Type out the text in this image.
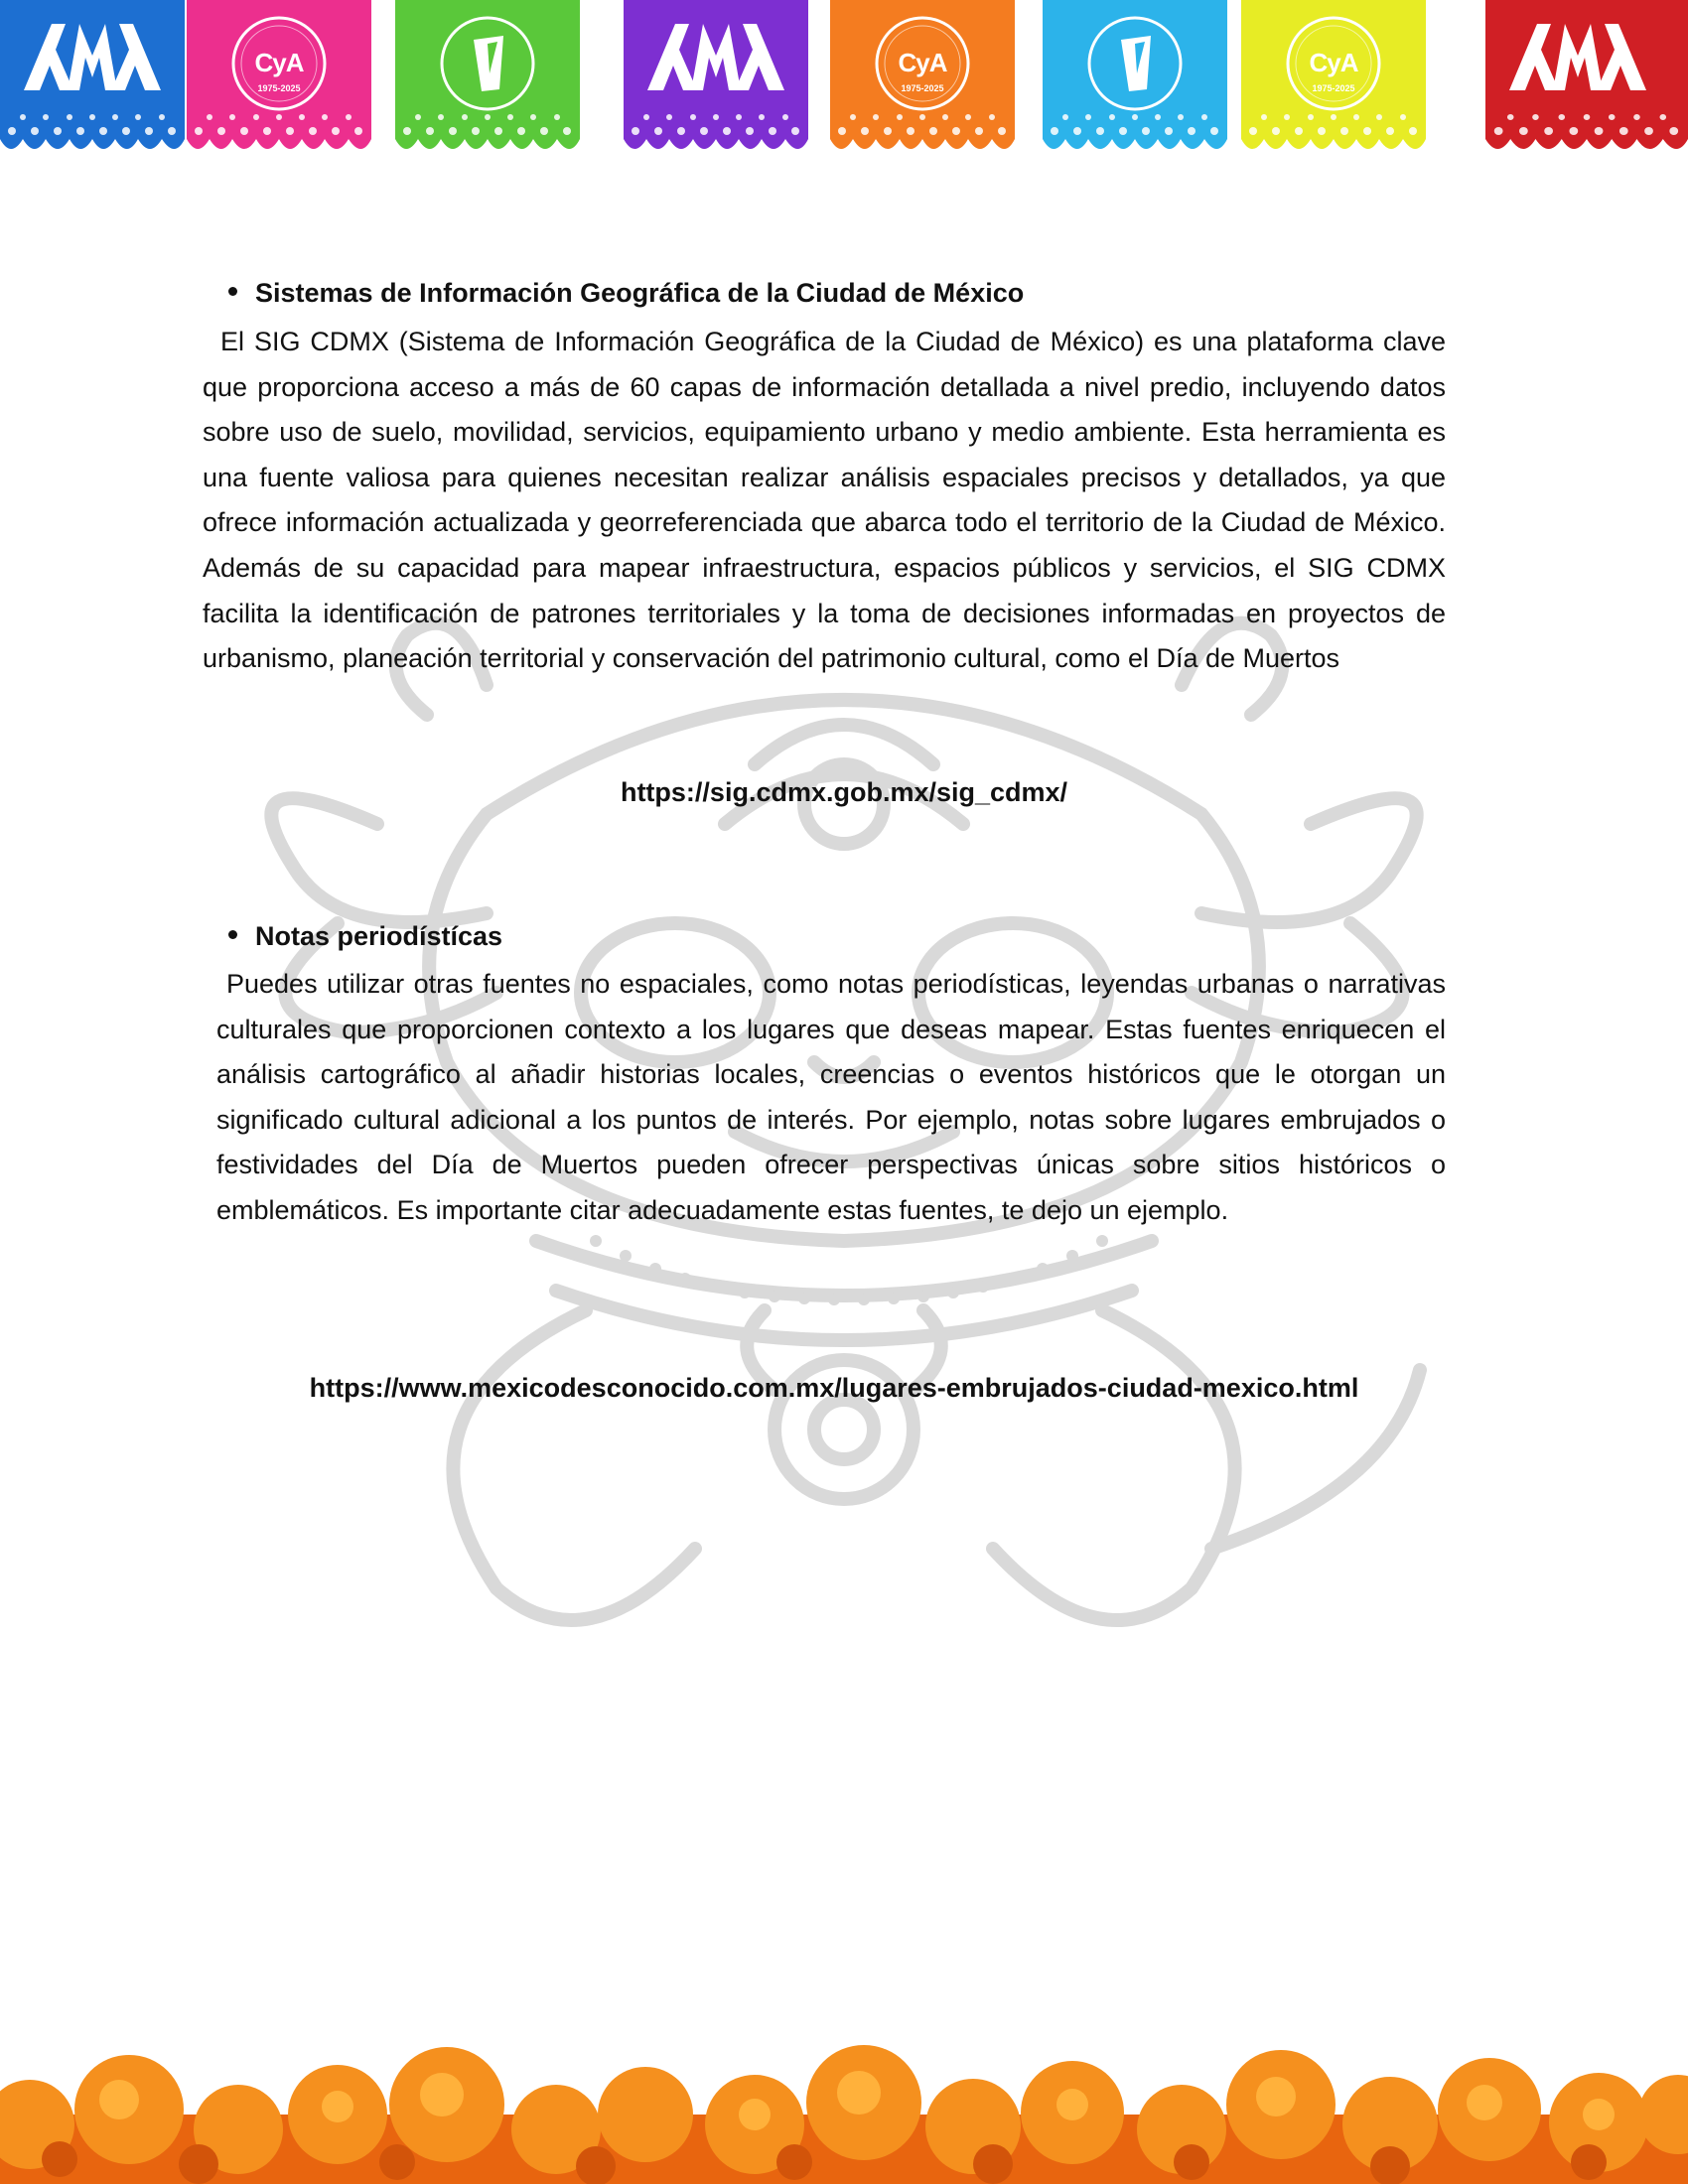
CyA
1975-2025
CyA
1975-2025
CyA
1975-2025
Sistemas de Información Geográfica de la Ciudad de México
El SIG CDMX (Sistema de Información Geográfica de la Ciudad de México) es una plataforma clave que proporciona acceso a más de 60 capas de información detallada a nivel predio, incluyendo datos sobre uso de suelo, movilidad, servicios, equipamiento urbano y medio ambiente. Esta herramienta es una fuente valiosa para quienes necesitan realizar análisis espaciales precisos y detallados, ya que ofrece información actualizada y georreferenciada que abarca todo el territorio de la Ciudad de México. Además de su capacidad para mapear infraestructura, espacios públicos y servicios, el SIG CDMX facilita la identificación de patrones territoriales y la toma de decisiones informadas en proyectos de urbanismo, planeación territorial y conservación del patrimonio cultural, como el Día de Muertos
https://sig.cdmx.gob.mx/sig_cdmx/
Notas periodístícas
Puedes utilizar otras fuentes no espaciales, como notas periodísticas, leyendas urbanas o narrativas culturales que proporcionen contexto a los lugares que deseas mapear. Estas fuentes enriquecen el análisis cartográfico al añadir historias locales, creencias o eventos históricos que le otorgan un significado cultural adicional a los puntos de interés. Por ejemplo, notas sobre lugares embrujados o festividades del Día de Muertos pueden ofrecer perspectivas únicas sobre sitios históricos o emblemáticos. Es importante citar adecuadamente estas fuentes, te dejo un ejemplo.
https://www.mexicodesconocido.com.mx/lugares-embrujados-ciudad-mexico.html
